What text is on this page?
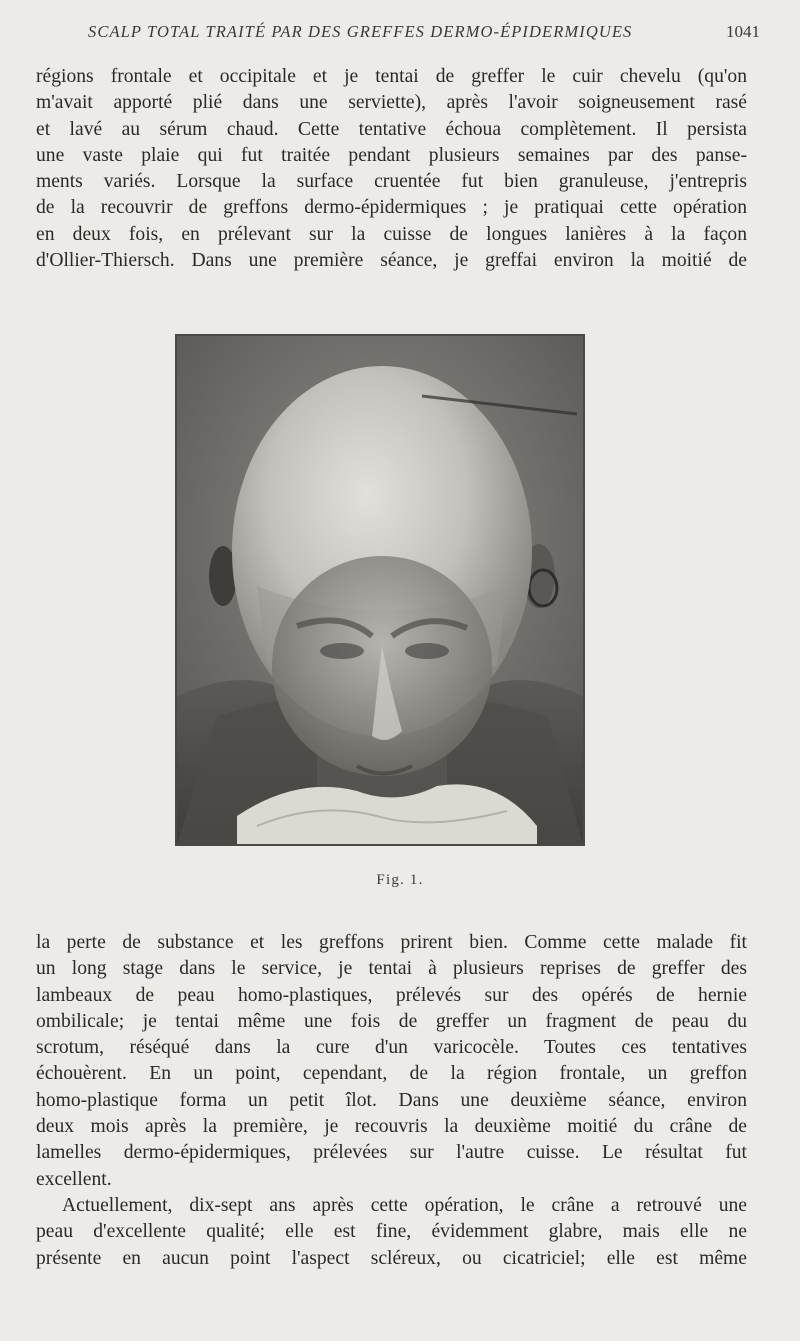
SCALP TOTAL TRAITÉ PAR DES GREFFES DERMO-ÉPIDERMIQUES	1041
régions frontale et occipitale et je tentai de greffer le cuir chevelu (qu'on
m'avait apporté plié dans une serviette), après l'avoir soigneusement rasé
et lavé au sérum chaud. Cette tentative échoua complètement. Il persista
une vaste plaie qui fut traitée pendant plusieurs semaines par des panse-
ments variés. Lorsque la surface cruentée fut bien granuleuse, j'entrepris
de la recouvrir de greffons dermo-épidermiques ; je pratiquai cette opération
en deux fois, en prélevant sur la cuisse de longues lanières à la façon
d'Ollier-Thiersch. Dans une première séance, je greffai environ la moitié de
Fig. 1.
la perte de substance et les greffons prirent bien. Comme cette malade fit
un long stage dans le service, je tentai à plusieurs reprises de greffer des
lambeaux de peau homo-plastiques, prélevés sur des opérés de hernie
ombilicale; je tentai même une fois de greffer un fragment de peau du
scrotum, réséqué dans la cure d'un varicocèle. Toutes ces tentatives
échouèrent. En un point, cependant, de la région frontale, un greffon
homo-plastique forma un petit îlot. Dans une deuxième séance, environ
deux mois après la première, je recouvris la deuxième moitié du crâne de
lamelles dermo-épidermiques, prélevées sur l'autre cuisse. Le résultat fut
excellent.
Actuellement, dix-sept ans après cette opération, le crâne a retrouvé une
peau d'excellente qualité; elle est fine, évidemment glabre, mais elle ne
présente en aucun point l'aspect scléreux, ou cicatriciel; elle est même
